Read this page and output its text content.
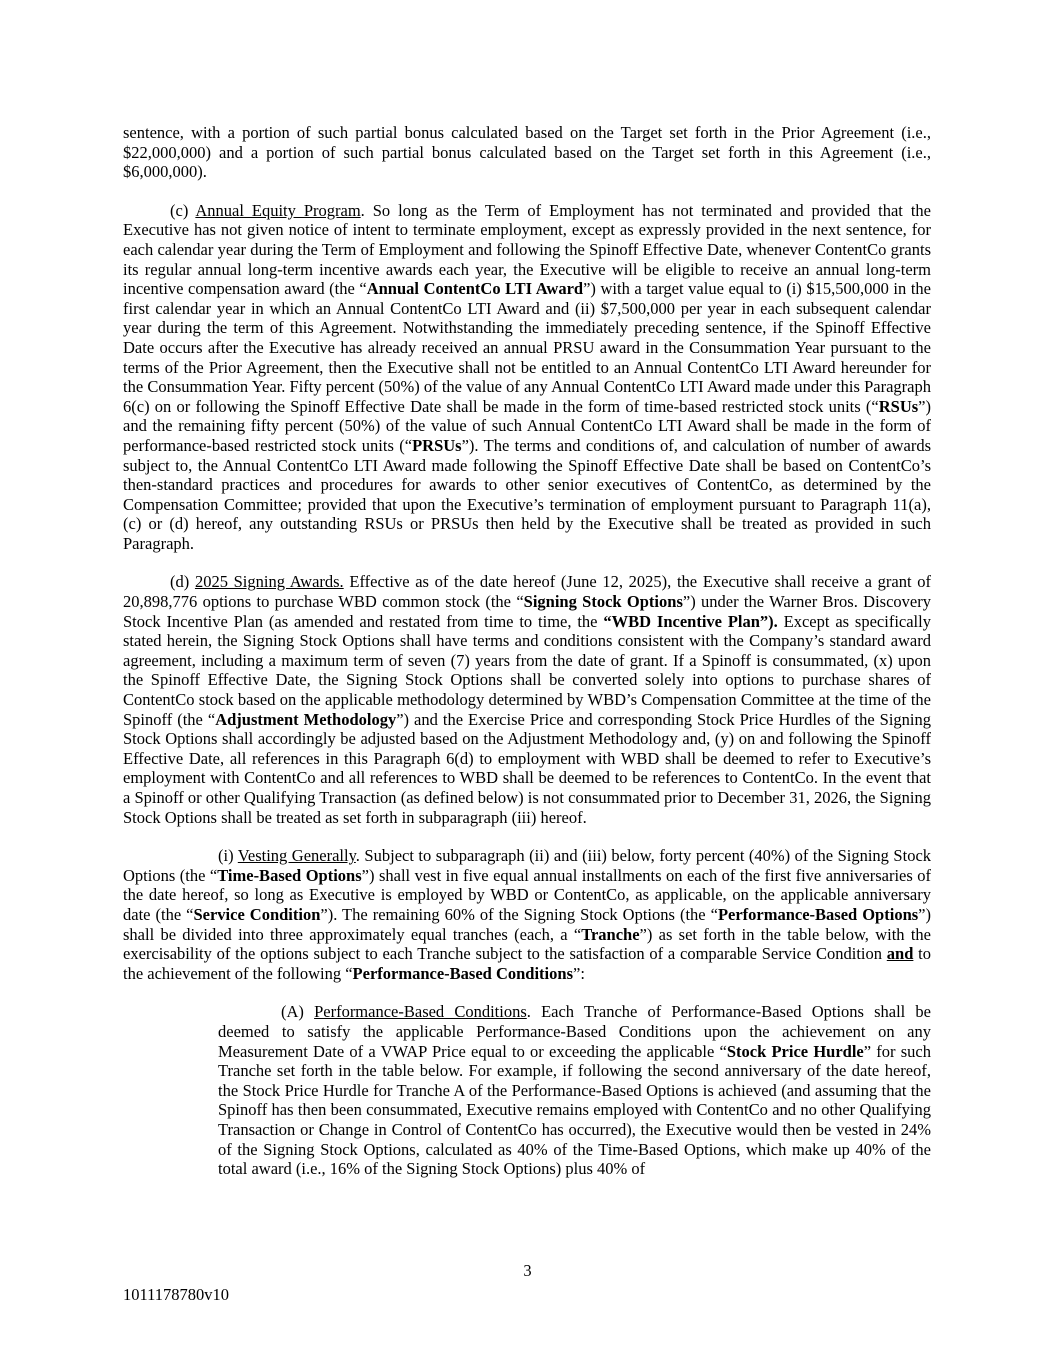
sentence, with a portion of such partial bonus calculated based on the Target set forth in the Prior Agreement (i.e., $22,000,000) and a portion of such partial bonus calculated based on the Target set forth in this Agreement (i.e., $6,000,000).

(c) Annual Equity Program. So long as the Term of Employment has not terminated and provided that the Executive has not given notice of intent to terminate employment, except as expressly provided in the next sentence, for each calendar year during the Term of Employment and following the Spinoff Effective Date, whenever ContentCo grants its regular annual long-term incentive awards each year, the Executive will be eligible to receive an annual long-term incentive compensation award (the “Annual ContentCo LTI Award”) with a target value equal to (i) $15,500,000 in the first calendar year in which an Annual ContentCo LTI Award and (ii) $7,500,000 per year in each subsequent calendar year during the term of this Agreement. Notwithstanding the immediately preceding sentence, if the Spinoff Effective Date occurs after the Executive has already received an annual PRSU award in the Consummation Year pursuant to the terms of the Prior Agreement, then the Executive shall not be entitled to an Annual ContentCo LTI Award hereunder for the Consummation Year. Fifty percent (50%) of the value of any Annual ContentCo LTI Award made under this Paragraph 6(c) on or following the Spinoff Effective Date shall be made in the form of time-based restricted stock units (“RSUs”) and the remaining fifty percent (50%) of the value of such Annual ContentCo LTI Award shall be made in the form of performance-based restricted stock units (“PRSUs”). The terms and conditions of, and calculation of number of awards subject to, the Annual ContentCo LTI Award made following the Spinoff Effective Date shall be based on ContentCo’s then-standard practices and procedures for awards to other senior executives of ContentCo, as determined by the Compensation Committee; provided that upon the Executive’s termination of employment pursuant to Paragraph 11(a), (c) or (d) hereof, any outstanding RSUs or PRSUs then held by the Executive shall be treated as provided in such Paragraph.

(d) 2025 Signing Awards. Effective as of the date hereof (June 12, 2025), the Executive shall receive a grant of 20,898,776 options to purchase WBD common stock (the “Signing Stock Options”) under the Warner Bros. Discovery Stock Incentive Plan (as amended and restated from time to time, the “WBD Incentive Plan”). Except as specifically stated herein, the Signing Stock Options shall have terms and conditions consistent with the Company’s standard award agreement, including a maximum term of seven (7) years from the date of grant. If a Spinoff is consummated, (x) upon the Spinoff Effective Date, the Signing Stock Options shall be converted solely into options to purchase shares of ContentCo stock based on the applicable methodology determined by WBD’s Compensation Committee at the time of the Spinoff (the “Adjustment Methodology”) and the Exercise Price and corresponding Stock Price Hurdles of the Signing Stock Options shall accordingly be adjusted based on the Adjustment Methodology and, (y) on and following the Spinoff Effective Date, all references in this Paragraph 6(d) to employment with WBD shall be deemed to refer to Executive’s employment with ContentCo and all references to WBD shall be deemed to be references to ContentCo. In the event that a Spinoff or other Qualifying Transaction (as defined below) is not consummated prior to December 31, 2026, the Signing Stock Options shall be treated as set forth in subparagraph (iii) hereof.

(i) Vesting Generally. Subject to subparagraph (ii) and (iii) below, forty percent (40%) of the Signing Stock Options (the “Time-Based Options”) shall vest in five equal annual installments on each of the first five anniversaries of the date hereof, so long as Executive is employed by WBD or ContentCo, as applicable, on the applicable anniversary date (the “Service Condition”). The remaining 60% of the Signing Stock Options (the “Performance-Based Options”) shall be divided into three approximately equal tranches (each, a “Tranche”) as set forth in the table below, with the exercisability of the options subject to each Tranche subject to the satisfaction of a comparable Service Condition and to the achievement of the following “Performance-Based Conditions”:

(A) Performance-Based Conditions. Each Tranche of Performance-Based Options shall be deemed to satisfy the applicable Performance-Based Conditions upon the achievement on any Measurement Date of a VWAP Price equal to or exceeding the applicable “Stock Price Hurdle” for such Tranche set forth in the table below. For example, if following the second anniversary of the date hereof, the Stock Price Hurdle for Tranche A of the Performance-Based Options is achieved (and assuming that the Spinoff has then been consummated, Executive remains employed with ContentCo and no other Qualifying Transaction or Change in Control of ContentCo has occurred), the Executive would then be vested in 24% of the Signing Stock Options, calculated as 40% of the Time-Based Options, which make up 40% of the total award (i.e., 16% of the Signing Stock Options) plus 40% of

3
1011178780v10
